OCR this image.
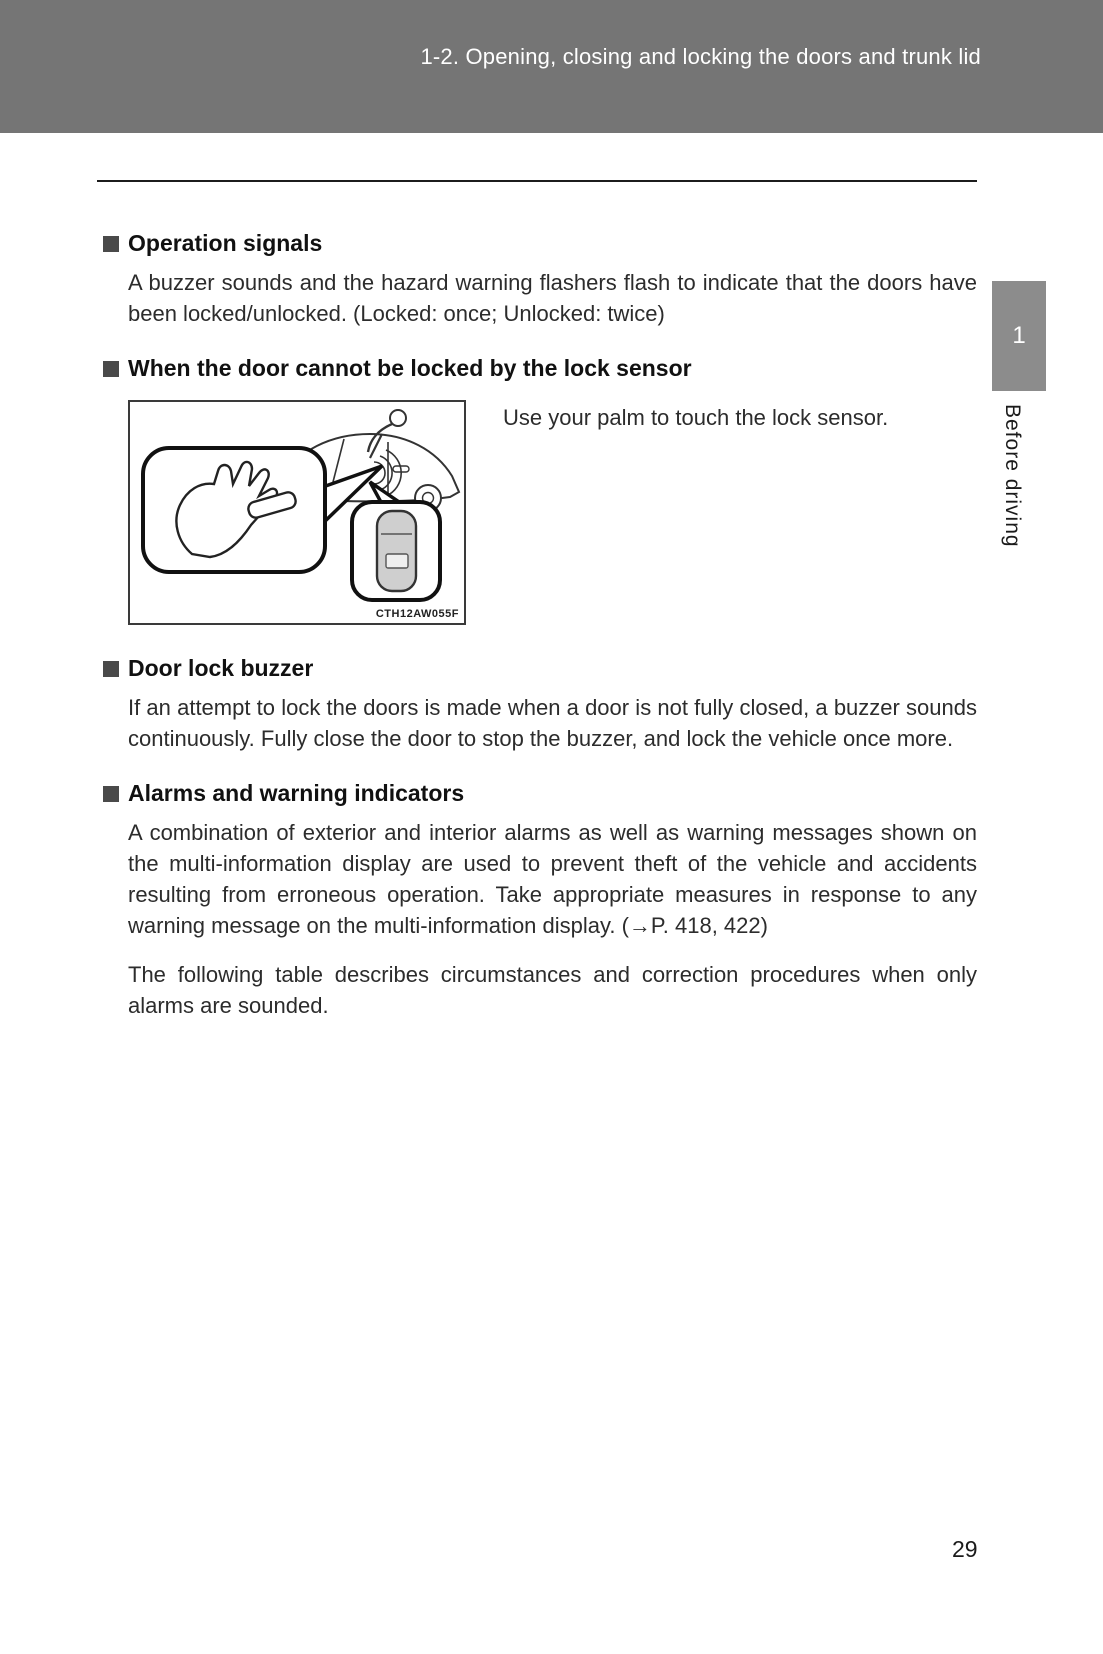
1-2. Opening, closing and locking the doors and trunk lid
1
Before driving
Operation signals

A buzzer sounds and the hazard warning flashers flash to indicate that the doors have been locked/unlocked. (Locked: once; Unlocked: twice)

When the door cannot be locked by the lock sensor
CTH12AW055F
Use your palm to touch the lock sensor.
Door lock buzzer

If an attempt to lock the doors is made when a door is not fully closed, a buzzer sounds continuously. Fully close the door to stop the buzzer, and lock the vehicle once more.

Alarms and warning indicators

A combination of exterior and interior alarms as well as warning messages shown on the multi-information display are used to prevent theft of the vehicle and accidents resulting from erroneous operation. Take appropriate measures in response to any warning message on the multi-information display. (→P. 418, 422)

The following table describes circumstances and correction procedures when only alarms are sounded.

29
